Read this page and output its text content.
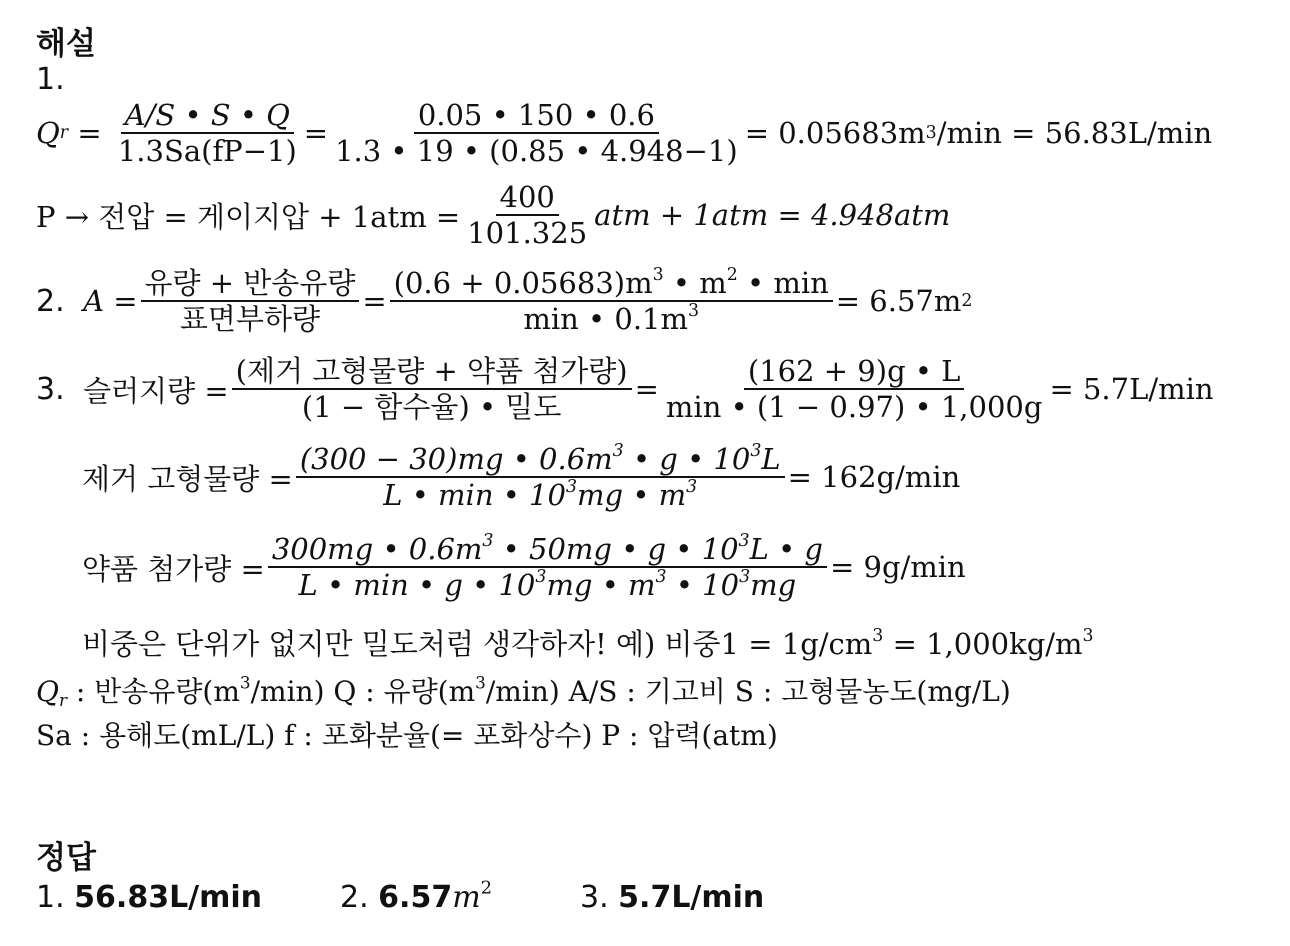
해설
1.
Q $r = \frac{A/S • S • Q}{1.3Sa(fP-1)} = \frac{0.05 • 150 • 0.6}{1.3 • 19 • (0.85 • 4.948-1)} = 0.05683m$ 3 /min = 56.83L/min
P → 전압 = 게이지압 + $1atm = \frac{400}{101.325}$ atm + 1atm = 4.948atm
2.
$A = \frac{\text{유량 + 반송유량}}{\text{표면부하량}} = \frac{(0.6 + 0.05683)m^3 • m^2 • \min}{\min • 0.1m^3} = 6.57m$ 2
3.
슬러지량 = $\frac{\text{(제거 고형물량 + 약품 첨가량)}}{\text{(1 − 함수율) • 밀도}} = \frac{(162 + 9)g • L}{\min • (1 - 0.97) • 1,000g} = 5.7L/\min$
제거 고형물량 = $\frac{(300 - 30)mg • 0.6m^3 • g • 10^3L}{L • \min • 10^3mg • m^3} = 162g/\min$
약품 첨가량 = $\frac{300mg • 0.6m^3 • 50mg • g • 10^3L • g}{L • \min • g • 10^3mg • m^3 • 10^3mg} = 9g/\min$
비중은 단위가 없지만 밀도처럼 생각하자! 예) 비중$1 = 1g/cm^3 = 1,000kg/m^3$
$Q_r$ : 반송유량$(m^3/\min)$ Q : 유량$(m^3/\min)$ A/S : 기고비 S : 고형물농도(mg/L)
Sa : 용해도(mL/L) f : 포화분율(= 포화상수) P : 압력(atm)
정답
1. 56.83L/min	2. $6.57m^2$	3. 5.7L/min
